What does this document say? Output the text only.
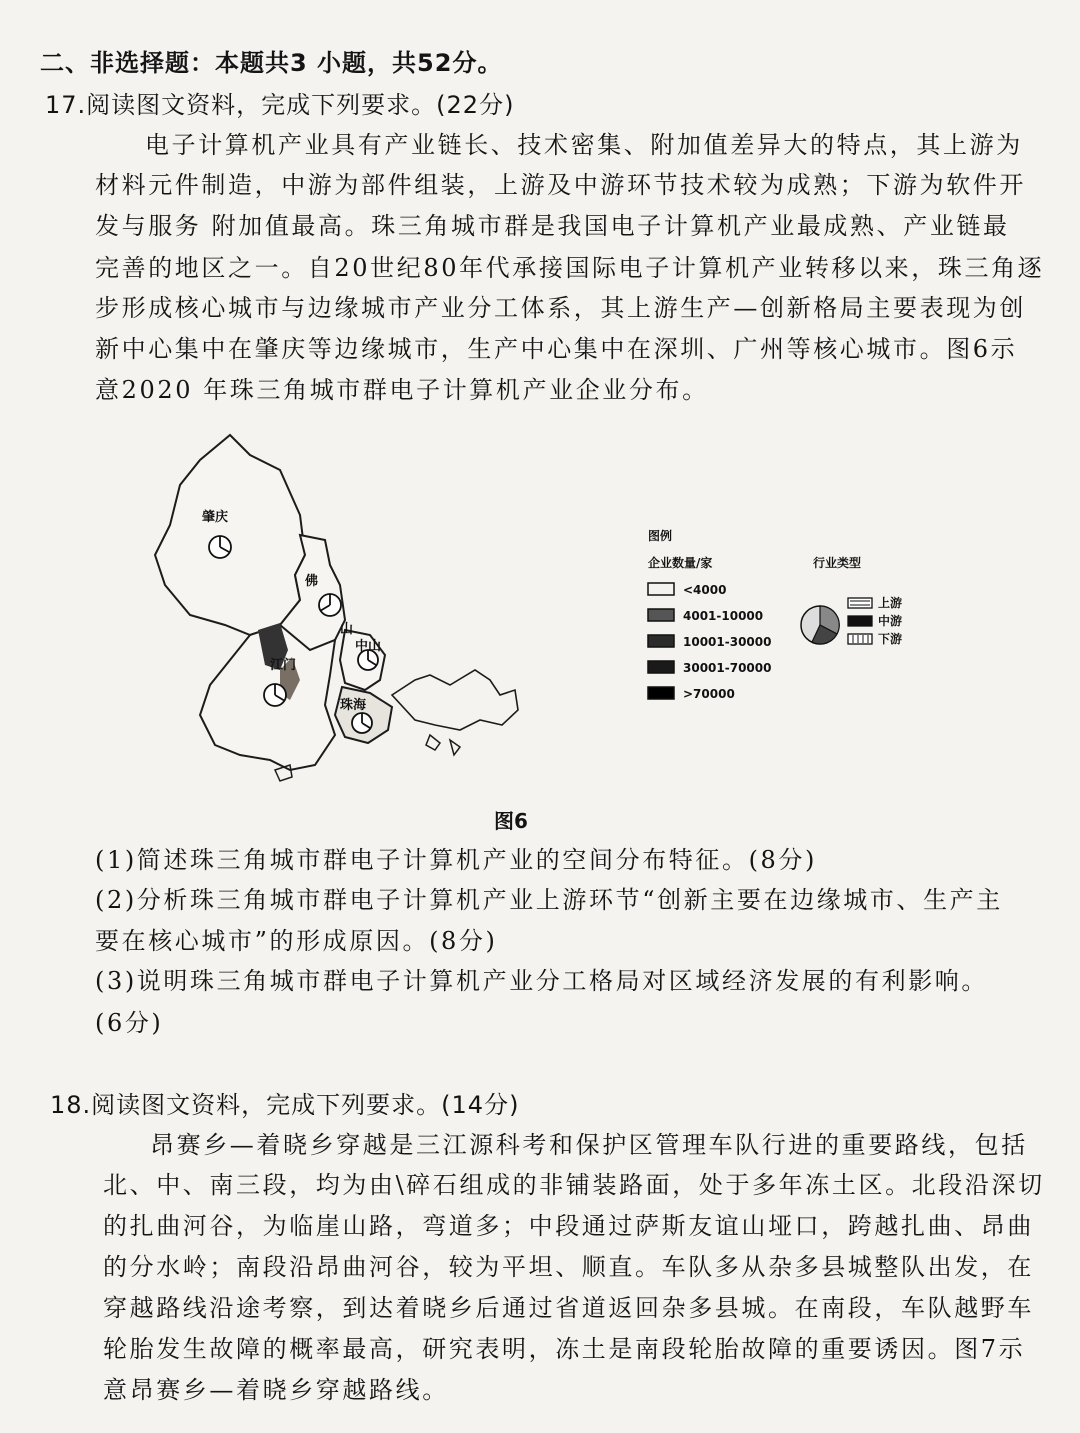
二、非选择题：本题共3 小题，共52分。
17.阅读图文资料，完成下列要求。(22分)
电子计算机产业具有产业链长、技术密集、附加值差异大的特点，其上游为
材料元件制造，中游为部件组装，上游及中游环节技术较为成熟；下游为软件开
发与服务 附加值最高。珠三角城市群是我国电子计算机产业最成熟、产业链最
完善的地区之一。自20世纪80年代承接国际电子计算机产业转移以来，珠三角逐
步形成核心城市与边缘城市产业分工体系，其上游生产—创新格局主要表现为创
新中心集中在肇庆等边缘城市，生产中心集中在深圳、广州等核心城市。图6示
意2020 年珠三角城市群电子计算机产业企业分布。
肇庆
佛
山
中山
江门
珠海
图例
企业数量/家
<4000
4001-10000
10001-30000
30001-70000
>70000
行业类型
上游
中游
下游
图6
(1)简述珠三角城市群电子计算机产业的空间分布特征。(8分)
(2)分析珠三角城市群电子计算机产业上游环节“创新主要在边缘城市、生产主
要在核心城市”的形成原因。(8分)
(3)说明珠三角城市群电子计算机产业分工格局对区域经济发展的有利影响。
(6分)
18.阅读图文资料，完成下列要求。(14分)
昂赛乡—着晓乡穿越是三江源科考和保护区管理车队行进的重要路线，包括
北、中、南三段，均为由\碎石组成的非铺装路面，处于多年冻土区。北段沿深切
的扎曲河谷，为临崖山路，弯道多；中段通过萨斯友谊山垭口，跨越扎曲、昂曲
的分水岭；南段沿昂曲河谷，较为平坦、顺直。车队多从杂多县城整队出发，在
穿越路线沿途考察，到达着晓乡后通过省道返回杂多县城。在南段，车队越野车
轮胎发生故障的概率最高，研究表明，冻土是南段轮胎故障的重要诱因。图7示
意昂赛乡—着晓乡穿越路线。
